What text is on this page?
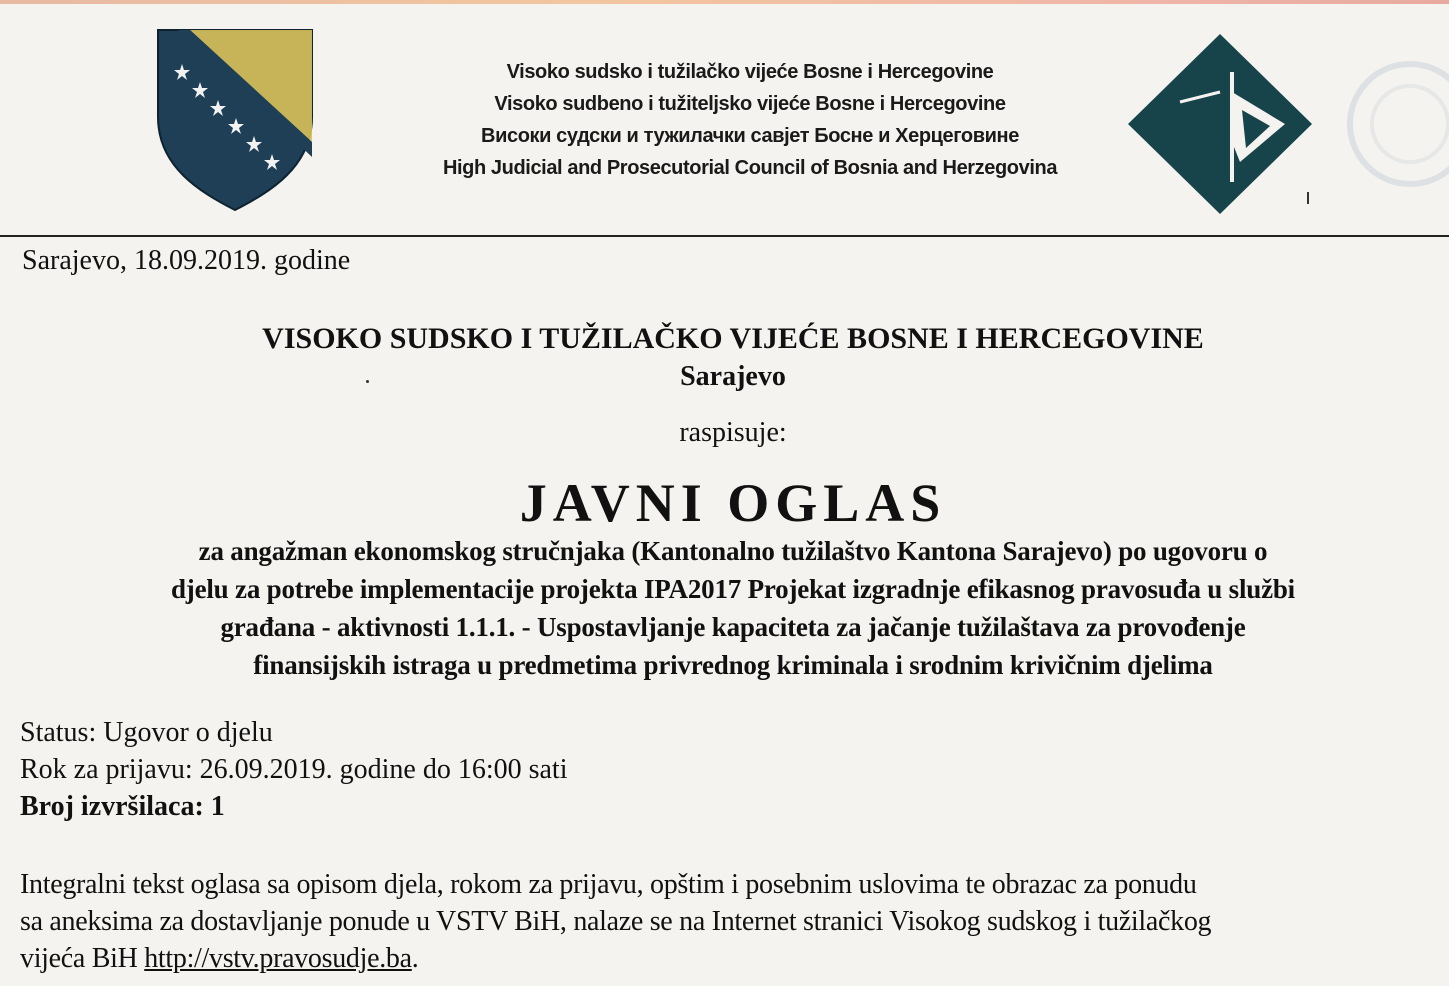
Visoko sudsko i tužilačko vijeće Bosne i Hercegovine
Visoko sudbeno i tužiteljsko vijeće Bosne i Hercegovine
Високи судски и тужилачки савјет Босне и Херцеговине
High Judicial and Prosecutorial Council of Bosnia and Herzegovina
Sarajevo, 18.09.2019. godine
VISOKO SUDSKO I TUŽILAČKO VIJEĆE BOSNE I HERCEGOVINE
Sarajevo
raspisuje:
JAVNI OGLAS
za angažman ekonomskog stručnjaka (Kantonalno tužilaštvo Kantona Sarajevo) po ugovoru o
djelu za potrebe implementacije projekta IPA2017 Projekat izgradnje efikasnog pravosuđa u službi
građana - aktivnosti 1.1.1. - Uspostavljanje kapaciteta za jačanje tužilaštava za provođenje
finansijskih istraga u predmetima privrednog kriminala i srodnim krivičnim djelima
Status: Ugovor o djelu
Rok za prijavu: 26.09.2019. godine do 16:00 sati
Broj izvršilaca: 1
Integralni tekst oglasa sa opisom djela, rokom za prijavu, opštim i posebnim uslovima te obrazac za ponudu
sa aneksima za dostavljanje ponude u VSTV BiH, nalaze se na Internet stranici Visokog sudskog i tužilačkog
vijeća BiH http://vstv.pravosudje.ba.
